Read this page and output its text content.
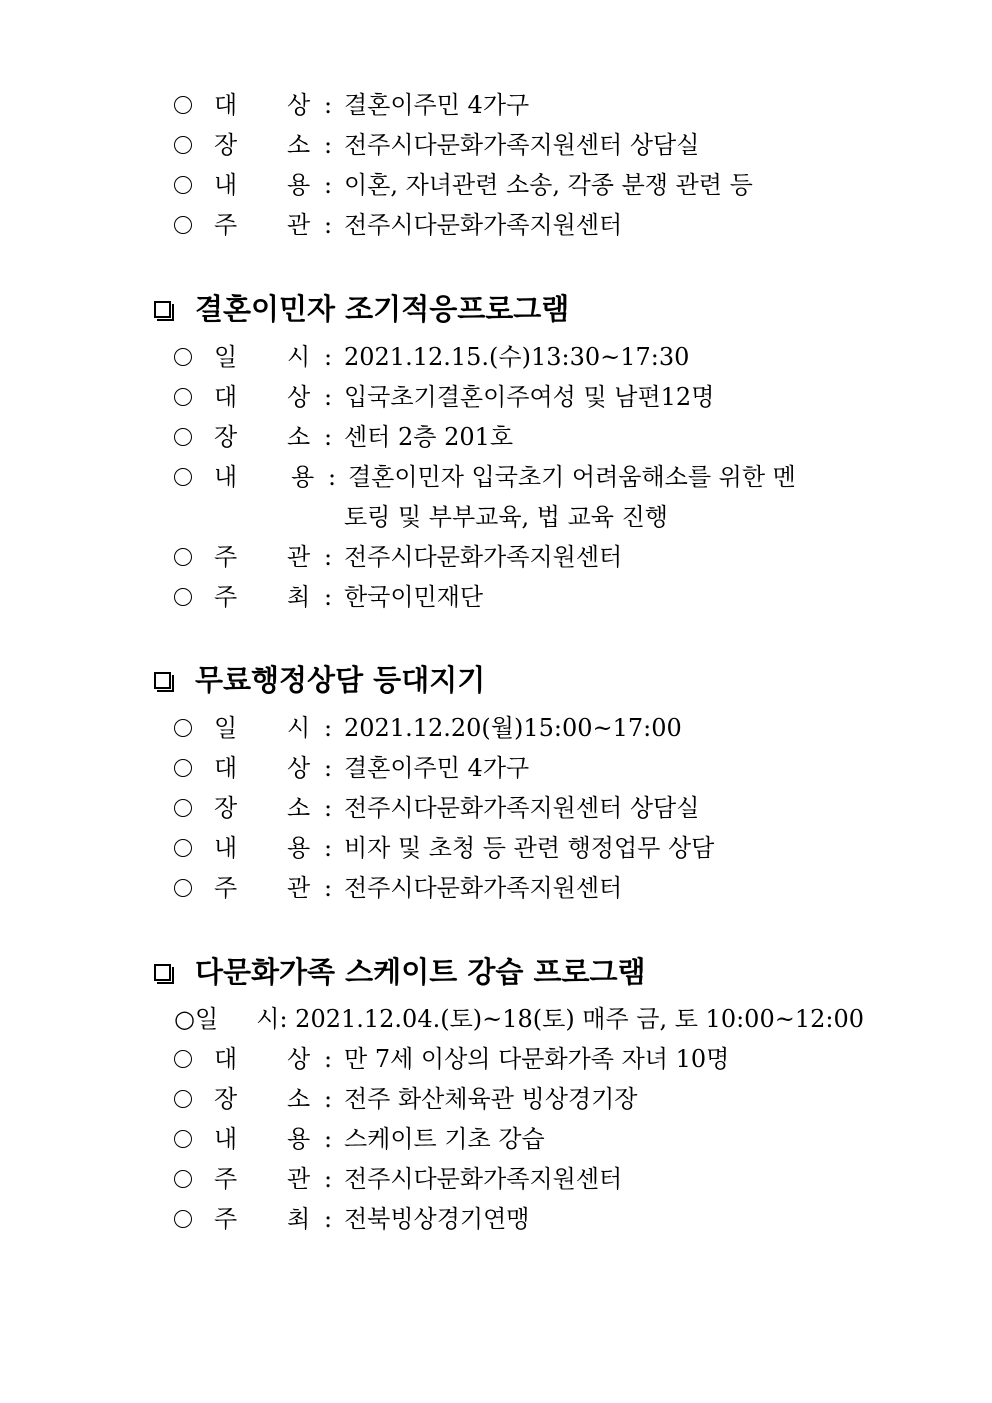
대 상 : 결혼이주민 4가구
장 소 : 전주시다문화가족지원센터 상담실
내 용 : 이혼, 자녀관련 소송, 각종 분쟁 관련 등
주 관 : 전주시다문화가족지원센터
결혼이민자 조기적응프로그램
일 시 : 2021.12.15.(수)13:30~17:30
대 상 : 입국초기결혼이주여성 및 남편12명
장 소 : 센터 2층 201호
내 용 : 결혼이민자 입국초기 어려움해소를 위한 멘
토링 및 부부교육, 법 교육 진행
주 관 : 전주시다문화가족지원센터
주 최 : 한국이민재단
무료행정상담 등대지기
일 시 : 2021.12.20(월)15:00~17:00
대 상 : 결혼이주민 4가구
장 소 : 전주시다문화가족지원센터 상담실
내 용 : 비자 및 초청 등 관련 행정업무 상담
주 관 : 전주시다문화가족지원센터
다문화가족 스케이트 강습 프로그램
○일     시: 2021.12.04.(토)~18(토) 매주 금, 토 10:00~12:00
대 상 : 만 7세 이상의 다문화가족 자녀 10명
장 소 : 전주 화산체육관 빙상경기장
내 용 : 스케이트 기초 강습
주 관 : 전주시다문화가족지원센터
주 최 : 전북빙상경기연맹
